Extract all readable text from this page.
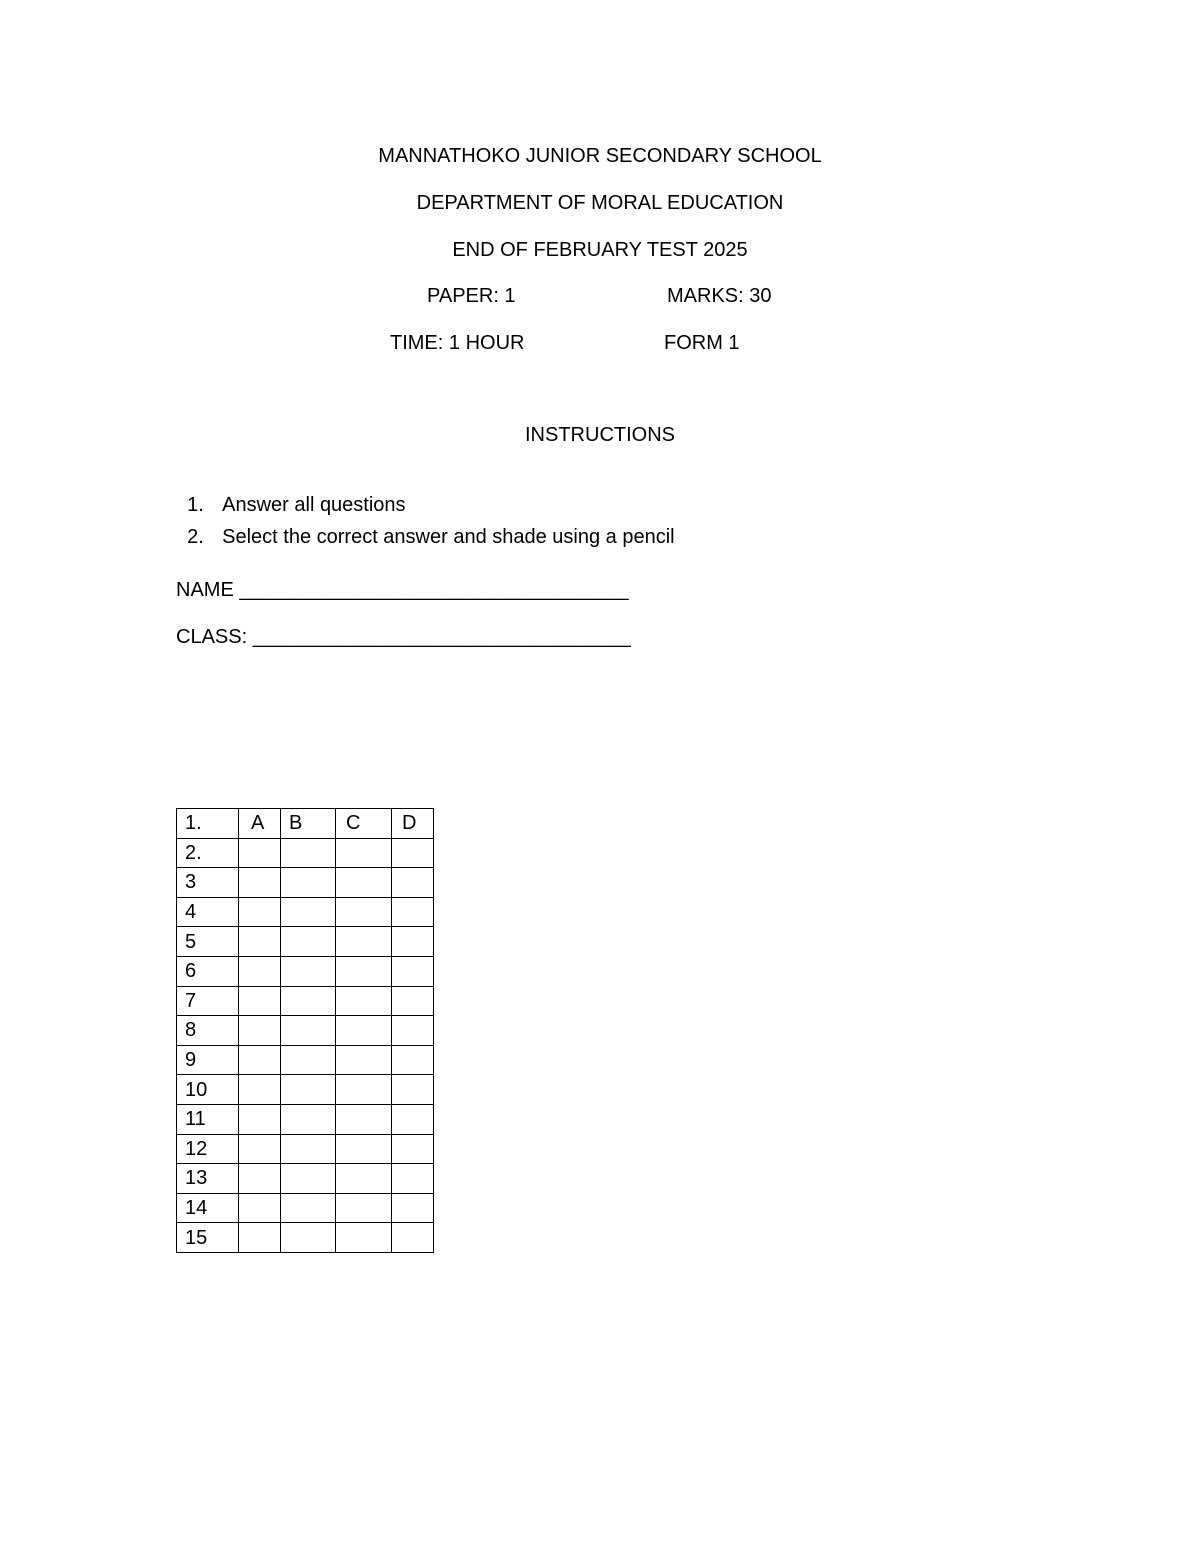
MANNATHOKO JUNIOR SECONDARY SCHOOL
DEPARTMENT OF MORAL EDUCATION
END OF FEBRUARY TEST 2025
PAPER: 1	MARKS: 30
TIME: 1 HOUR	FORM 1
INSTRUCTIONS

1. Answer all questions

2. Select the correct answer and shade using a pencil

NAME ___________________________________
CLASS: __________________________________
1.	A	B	C	D
2.				
3				
4				
5				
6				
7				
8				
9				
10				
11				
12				
13				
14				
15				
